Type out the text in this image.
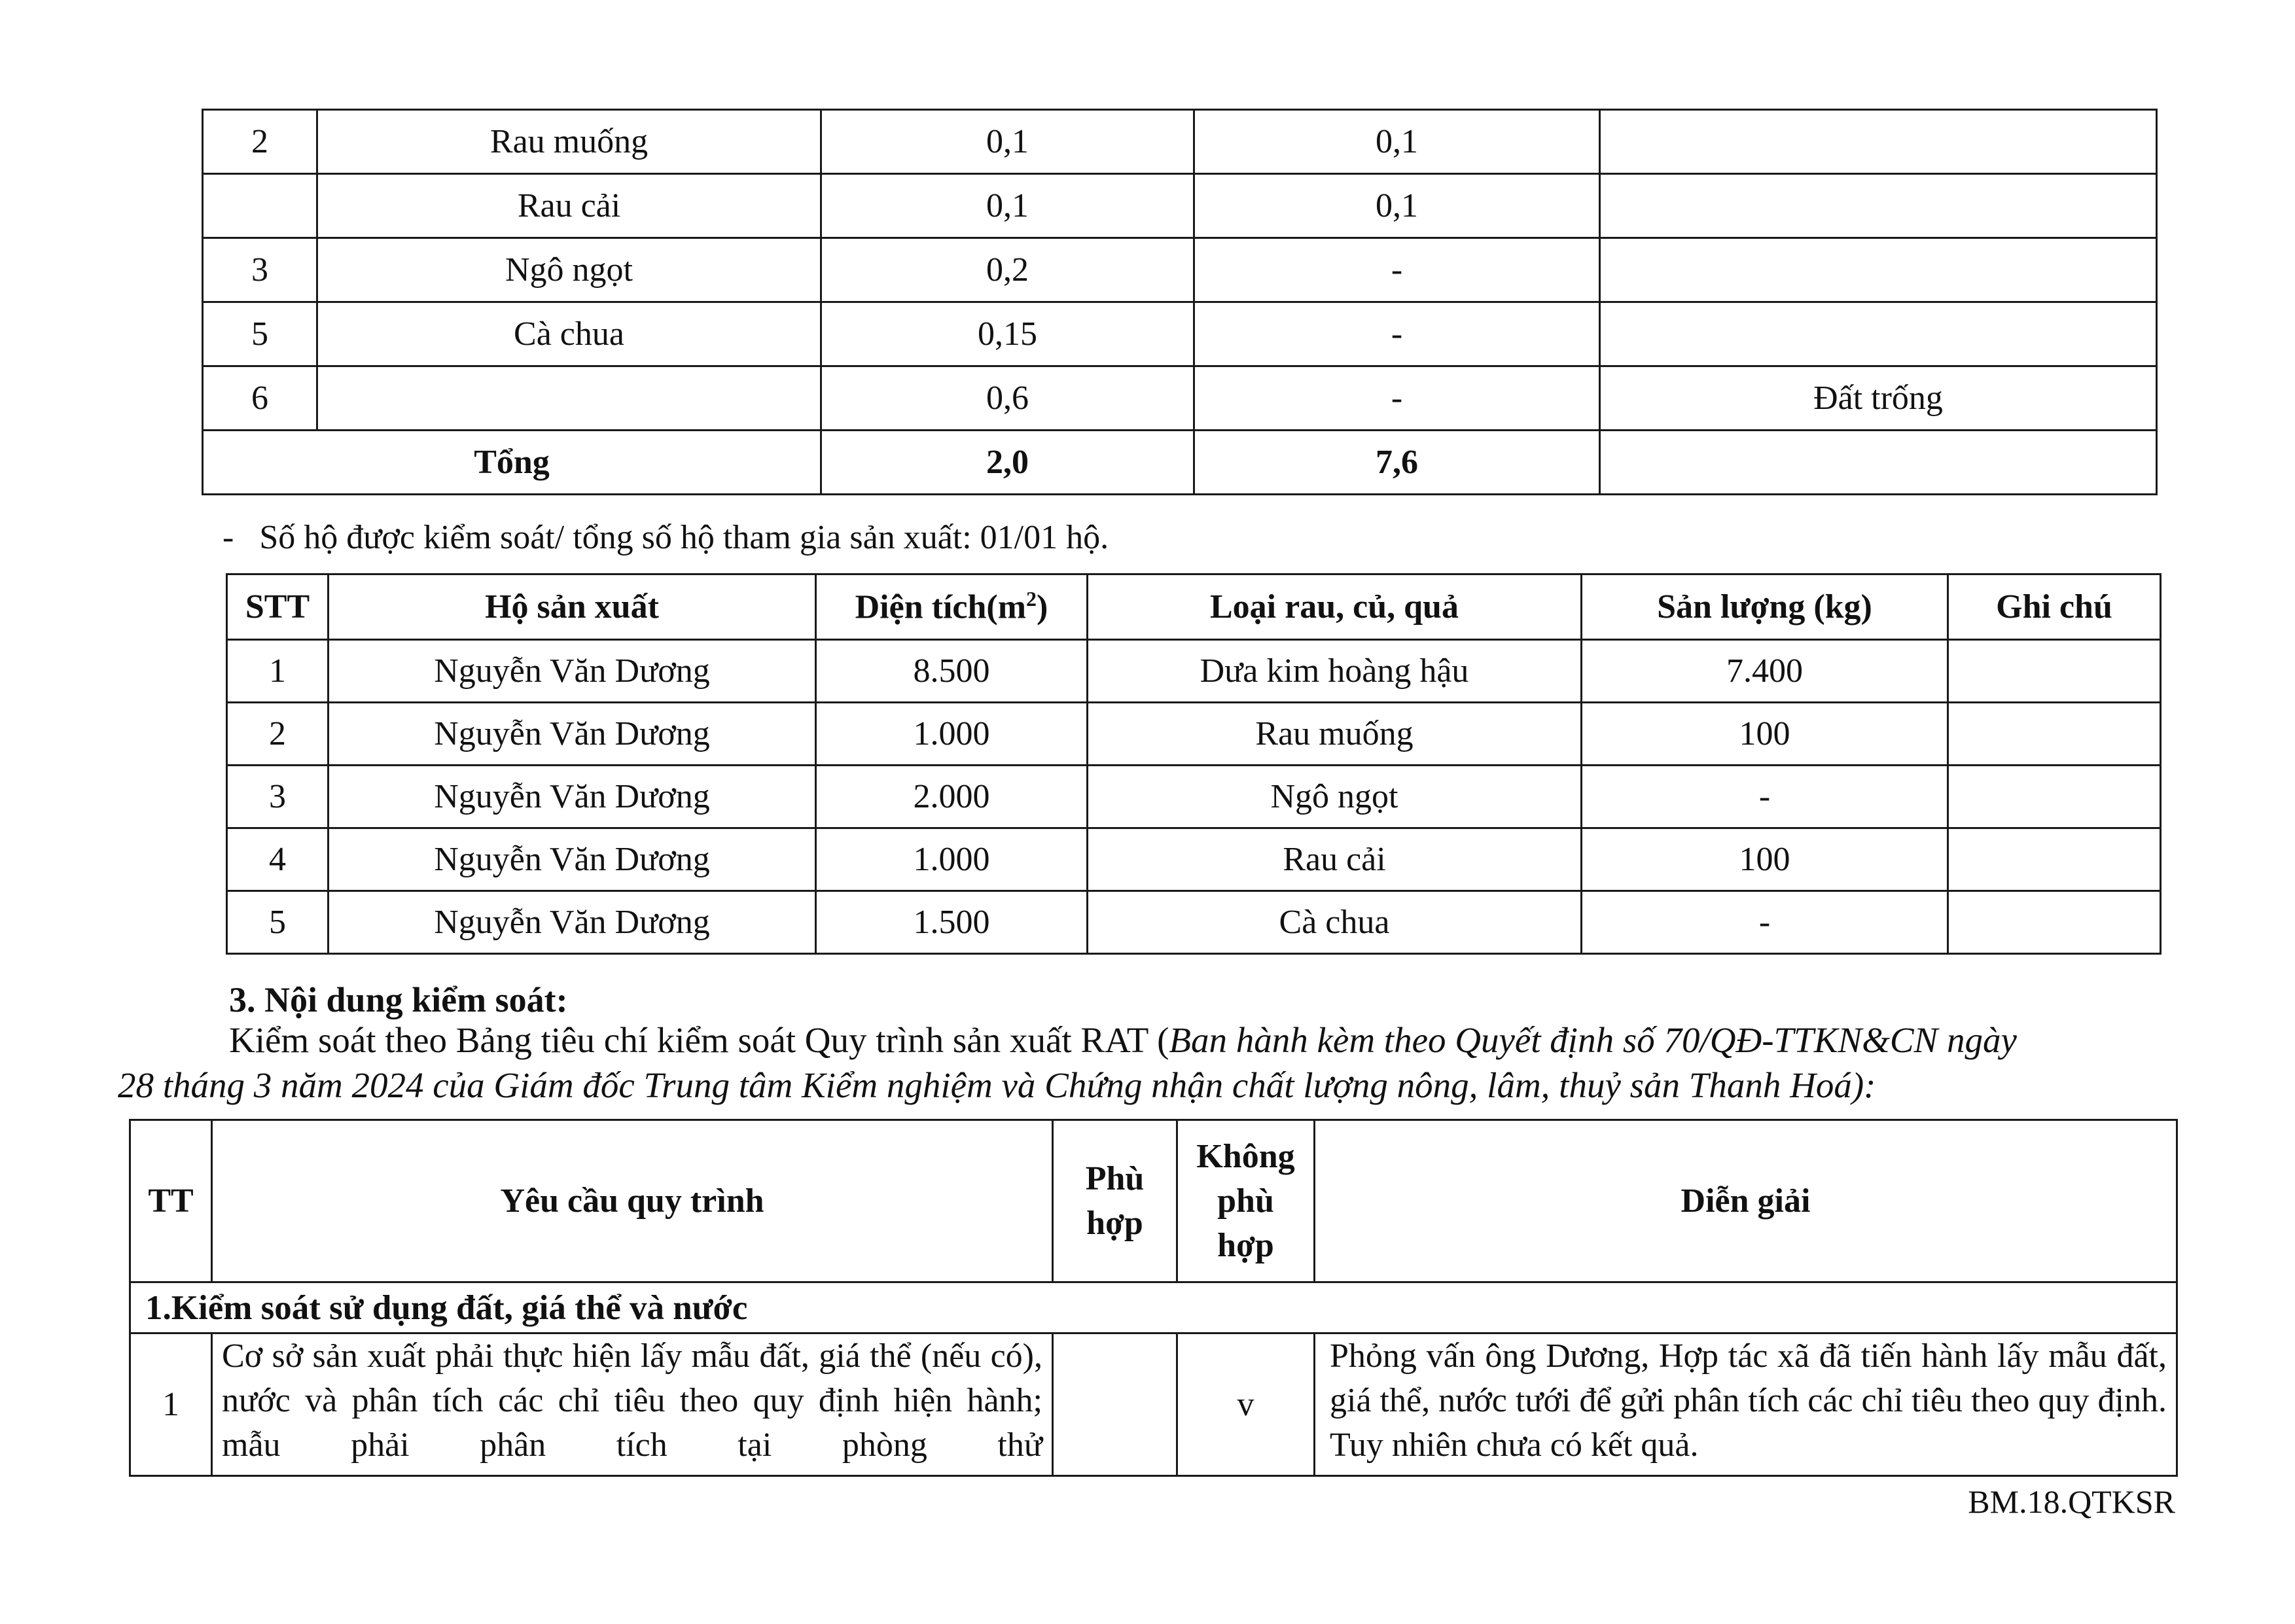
2	Rau muống	0,1	0,1	
	Rau cải	0,1	0,1	
3	Ngô ngọt	0,2	-	
5	Cà chua	0,15	-	
6		0,6	-	Đất trống
Tổng		2,0	7,6	
-   Số hộ được kiểm soát/ tổng số hộ tham gia sản xuất: 01/01 hộ.
STT	Hộ sản xuất	Diện $tích(m^2)$	Loại rau, củ, quả	Sản lượng (kg)	Ghi chú
1	Nguyễn Văn Dương	8.500	Dưa kim hoàng hậu	7.400	
2	Nguyễn Văn Dương	1.000	Rau muống	100	
3	Nguyễn Văn Dương	2.000	Ngô ngọt	-	
4	Nguyễn Văn Dương	1.000	Rau cải	100	
5	Nguyễn Văn Dương	1.500	Cà chua	-	
3. Nội dung kiểm soát:
Kiểm soát theo Bảng tiêu chí kiểm soát Quy trình sản xuất RAT (Ban hành kèm theo Quyết định số 70/QĐ-TTKN&CN ngày
28 tháng 3 năm 2024 của Giám đốc Trung tâm Kiểm nghiệm và Chứng nhận chất lượng nông, lâm, thuỷ sản Thanh Hoá):
TT	Yêu cầu quy trình	Phù hợp	Không phù hợp	Diễn giải
1.Kiểm soát sử dụng đất, giá thể và nước				
1	Cơ sở sản xuất phải thực hiện lấy mẫu đất, giá thể (nếu có), nước và phân tích các chỉ tiêu theo quy định hiện hành; mẫu phải phân tích tại phòng thử		v	Phỏng vấn ông Dương, Hợp tác xã đã tiến hành lấy mẫu đất, giá thể, nước tưới để gửi phân tích các chỉ tiêu theo quy định. Tuy nhiên chưa có kết quả.
BM.18.QTKSR
